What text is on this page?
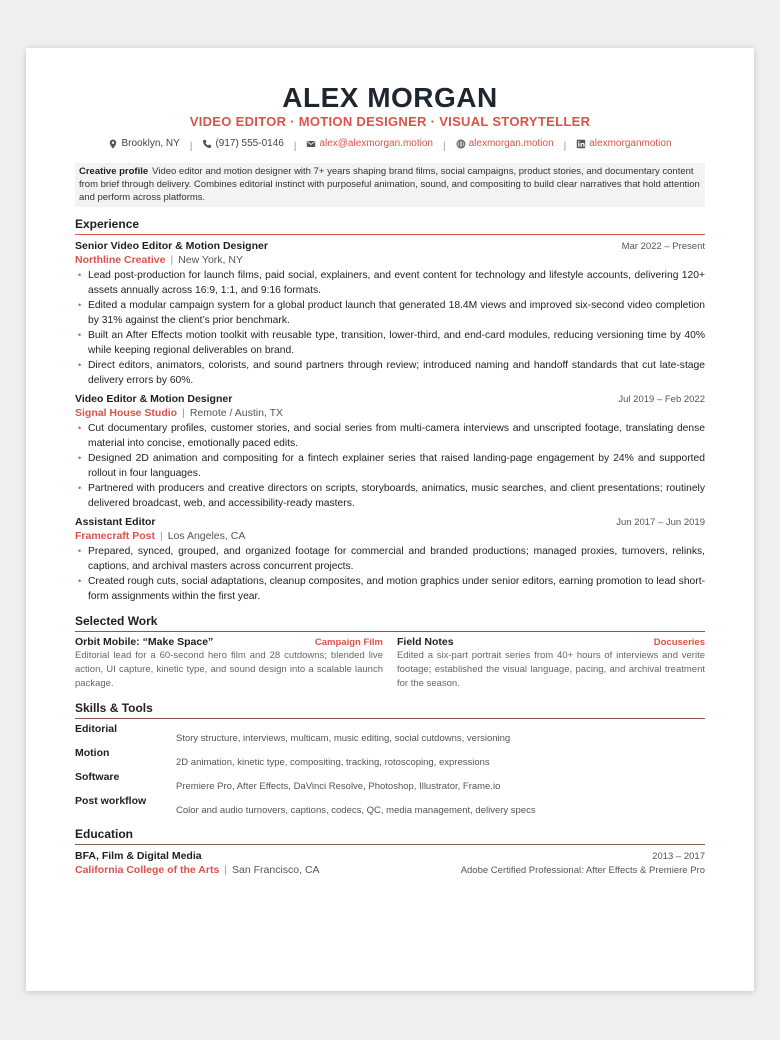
ALEX MORGAN
VIDEO EDITOR · MOTION DESIGNER · VISUAL STORYTELLER
Brooklyn, NY | (917) 555-0146 | alex@alexmorgan.motion | alexmorgan.motion | alexmorganmotion
Creative profile Video editor and motion designer with 7+ years shaping brand films, social campaigns, product stories, and documentary content from brief through delivery. Combines editorial instinct with purposeful animation, sound, and compositing to build clear narratives that hold attention and perform across platforms.
Experience
Senior Video Editor & Motion Designer	Mar 2022 – Present
Northline Creative | New York, NY
• Lead post-production for launch films, paid social, explainers, and event content for technology and lifestyle accounts, delivering 120+ assets annually across 16:9, 1:1, and 9:16 formats.
• Edited a modular campaign system for a global product launch that generated 18.4M views and improved six-second video completion by 31% against the client’s prior benchmark.
• Built an After Effects motion toolkit with reusable type, transition, lower-third, and end-card modules, reducing versioning time by 40% while keeping regional deliverables on brand.
• Direct editors, animators, colorists, and sound partners through review; introduced naming and handoff standards that cut late-stage delivery errors by 60%.
Video Editor & Motion Designer	Jul 2019 – Feb 2022
Signal House Studio | Remote / Austin, TX
• Cut documentary profiles, customer stories, and social series from multi-camera interviews and unscripted footage, translating dense material into concise, emotionally paced edits.
• Designed 2D animation and compositing for a fintech explainer series that raised landing-page engagement by 24% and supported rollout in four languages.
• Partnered with producers and creative directors on scripts, storyboards, animatics, music searches, and client presentations; routinely delivered broadcast, web, and accessibility-ready masters.
Assistant Editor	Jun 2017 – Jun 2019
Framecraft Post | Los Angeles, CA
• Prepared, synced, grouped, and organized footage for commercial and branded productions; managed proxies, turnovers, relinks, captions, and archival masters across concurrent projects.
• Created rough cuts, social adaptations, cleanup composites, and motion graphics under senior editors, earning promotion to lead short-form assignments within the first year.
Selected Work
Orbit Mobile: “Make Space”	Campaign Film
Editorial lead for a 60-second hero film and 28 cutdowns; blended live action, UI capture, kinetic type, and sound design into a scalable launch package.
Field Notes	Docuseries
Edited a six-part portrait series from 40+ hours of interviews and verite footage; established the visual language, pacing, and archival treatment for the season.
Skills & Tools
Editorial
Story structure, interviews, multicam, music editing, social cutdowns, versioning
Motion
2D animation, kinetic type, compositing, tracking, rotoscoping, expressions
Software
Premiere Pro, After Effects, DaVinci Resolve, Photoshop, Illustrator, Frame.io
Post workflow
Color and audio turnovers, captions, codecs, QC, media management, delivery specs
Education
BFA, Film & Digital Media	2013 – 2017
California College of the Arts | San Francisco, CA	Adobe Certified Professional: After Effects & Premiere Pro
